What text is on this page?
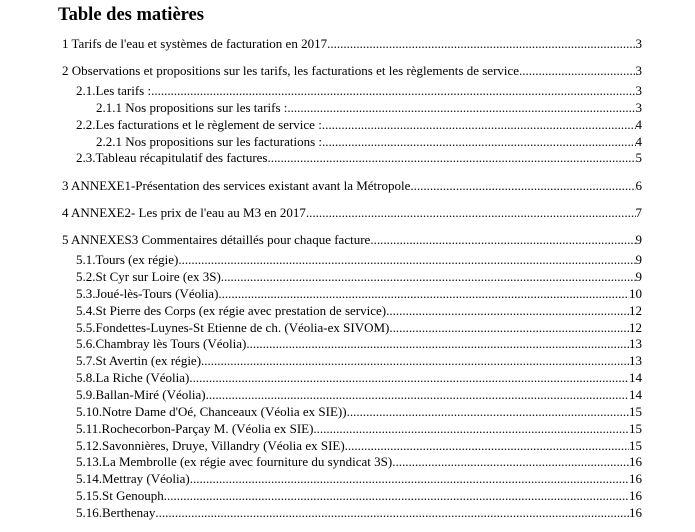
Table des matières
1 Tarifs de l'eau et systèmes de facturation en 2017 .....	3
2 Observations et propositions sur les tarifs, les facturations et les règlements de service .....	3
2.1.Les tarifs : .....	3
2.1.1 Nos propositions sur les tarifs : .....	3
2.2.Les facturations et le règlement de service : .....	4
2.2.1 Nos propositions sur les facturations : .....	4
2.3.Tableau récapitulatif des factures .....	5
3 ANNEXE1-Présentation des services existant avant la Métropole .....	6
4 ANNEXE2- Les prix de l'eau au M3 en 2017 .....	7
5 ANNEXES3 Commentaires détaillés pour chaque facture .....	9
5.1.Tours (ex régie) .....	9
5.2.St Cyr sur Loire (ex 3S) .....	9
5.3.Joué-lès-Tours (Véolia) .....	10
5.4.St Pierre des Corps (ex régie avec prestation de service) .....	12
5.5.Fondettes-Luynes-St Etienne de ch. (Véolia-ex SIVOM) .....	12
5.6.Chambray lès Tours (Véolia) .....	13
5.7.St Avertin (ex régie) .....	13
5.8.La Riche (Véolia) .....	14
5.9.Ballan-Miré (Véolia) .....	14
5.10.Notre Dame d'Oé, Chanceaux (Véolia ex SIE)) .....	15
5.11.Rochecorbon-Parçay M. (Véolia ex SIE) .....	15
5.12.Savonnières, Druye, Villandry (Véolia ex SIE) .....	15
5.13.La Membrolle (ex régie avec fourniture du syndicat 3S) .....	16
5.14.Mettray (Véolia) .....	16
5.15.St Genouph .....	16
5.16.Berthenay .....	16
